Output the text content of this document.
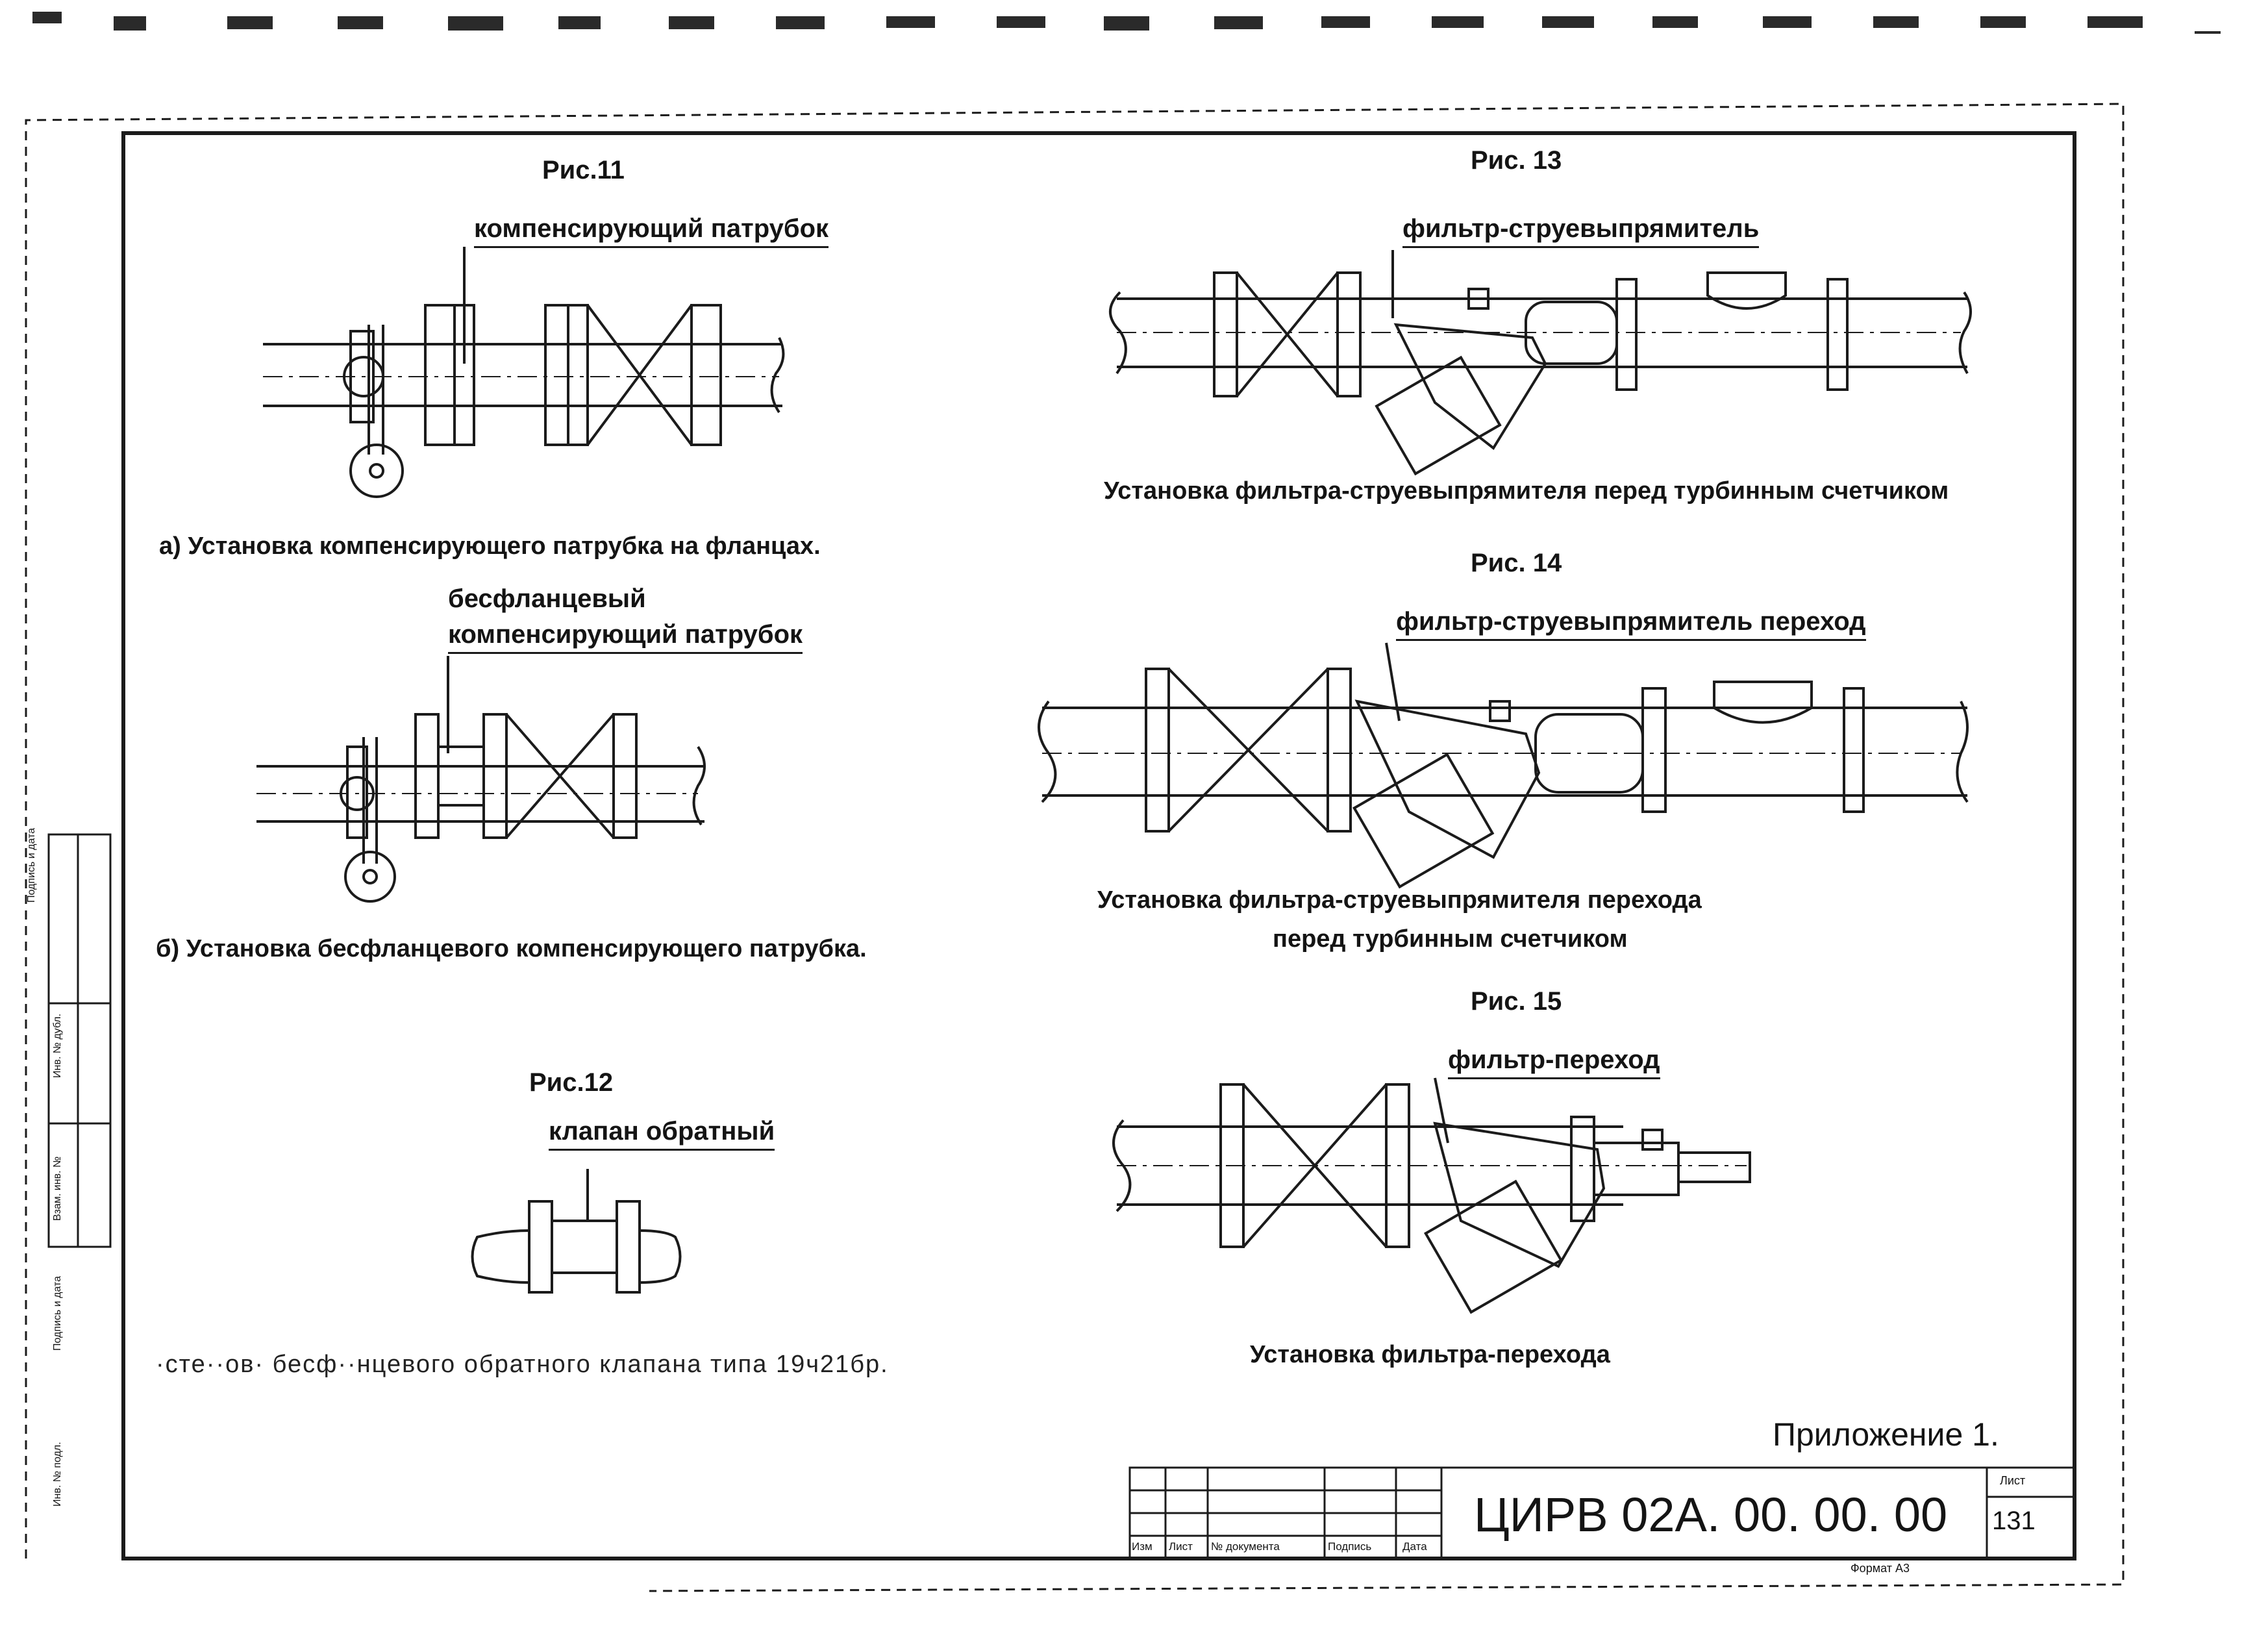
Рис.11
компенсирующий патрубок
а) Установка компенсирующего патрубка на фланцах.
бесфланцевый
компенсирующий патрубок
б) Установка бесфланцевого компенсирующего патрубка.
Рис.12
клапан обратный
·сте··ов· бесф··нцевого обратного клапана типа 19ч21бр.
Рис. 13
фильтр-струевыпрямитель
Установка фильтра-струевыпрямителя перед турбинным счетчиком
Рис. 14
фильтр-струевыпрямитель переход
Установка фильтра-струевыпрямителя перехода
перед турбинным счетчиком
Рис. 15
фильтр-переход
Установка фильтра-перехода
Приложение 1.
ЦИРВ 02А. 00. 00. 00
Лист
131
Формат А3
Изм Лист № документа	Подпись	Дата
Подпись и дата
Инв. № дубл.
Взам. инв. №
Подпись и дата
Инв. № подл.
